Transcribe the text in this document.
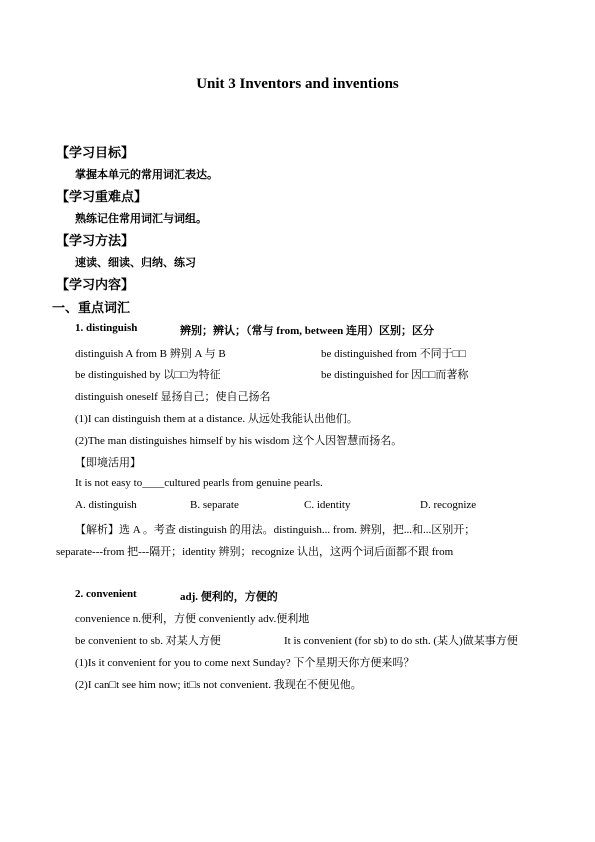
Unit 3 Inventors and inventions
【学习目标】
掌握本单元的常用词汇表达。
【学习重难点】
熟练记住常用词汇与词组。
【学习方法】
速读、细读、归纳、练习
【学习内容】
一、重点词汇
1. distinguish	辨别；辨认；（常与 from, between 连用）区别；区分
distinguish A from B 辨别 A 与 B	be distinguished from 不同于□□
be distinguished by 以□□为特征	be distinguished for 因□□而著称
distinguish oneself 显扬自己；使自己扬名
(1)I can distinguish them at a distance. 从远处我能认出他们。
(2)The man distinguishes himself by his wisdom 这个人因智慧而扬名。
【即境活用】
It is not easy to____cultured pearls from genuine pearls.
A. distinguish	B. separate	C. identity	D. recognize
【解析】选 A 。考查 distinguish 的用法。distinguish... from. 辨别，把...和...区别开；
separate---from 把---隔开；identity 辨别；recognize 认出，这两个词后面都不跟 from
2. convenient	adj. 便利的，方便的
convenience n.便利，方便 conveniently adv.便利地
be convenient to sb. 对某人方便	It is convenient (for sb) to do sth. (某人)做某事方便
(1)Is it convenient for you to come next Sunday? 下个星期天你方便来吗？
(2)I can□t see him now; it□s not convenient. 我现在不便见他。
